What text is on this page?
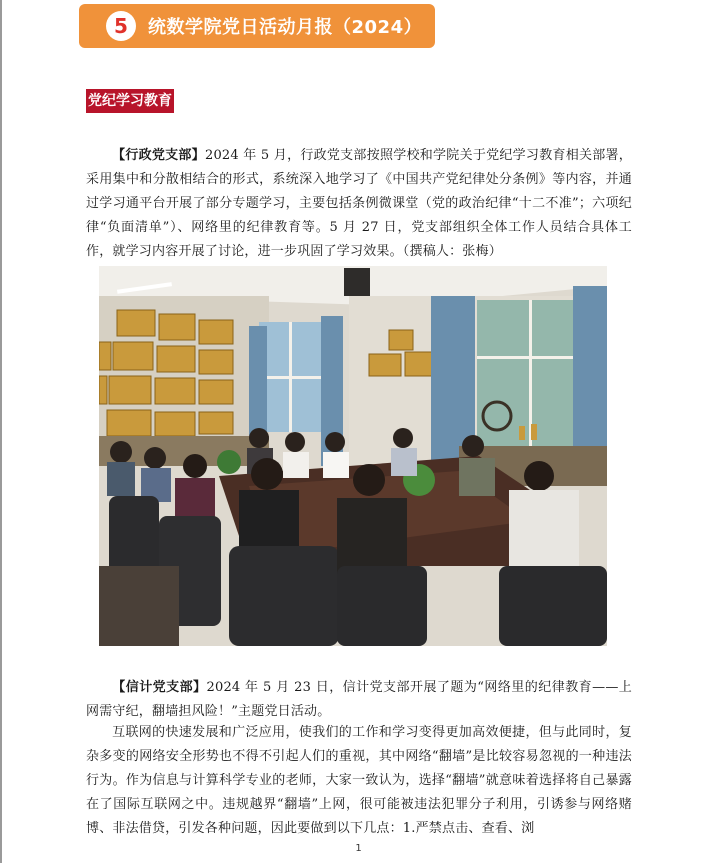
5	统数学院党日活动月报（2024）
党纪学习教育

【行政党支部】2024 年 5 月，行政党支部按照学校和学院关于党纪学习教育相关部署，采用集中和分散相结合的形式，系统深入地学习了《中国共产党纪律处分条例》等内容，并通过学习通平台开展了部分专题学习，主要包括条例微课堂（党的政治纪律“十二不准”；六项纪律“负面清单”）、网络里的纪律教育等。5 月 27 日，党支部组织全体工作人员结合具体工作，就学习内容开展了讨论，进一步巩固了学习效果。（撰稿人：张梅）

【信计党支部】2024 年 5 月 23 日，信计党支部开展了题为“网络里的纪律教育——上网需守纪，翻墙担风险！”主题党日活动。

互联网的快速发展和广泛应用，使我们的工作和学习变得更加高效便捷，但与此同时，复杂多变的网络安全形势也不得不引起人们的重视，其中网络“翻墙”是比较容易忽视的一种违法行为。作为信息与计算科学专业的老师，大家一致认为，选择“翻墙”就意味着选择将自己暴露在了国际互联网之中。违规越界“翻墙”上网，很可能被违法犯罪分子利用，引诱参与网络赌博、非法借贷，引发各种问题，因此要做到以下几点：1.严禁点击、查看、浏

1
